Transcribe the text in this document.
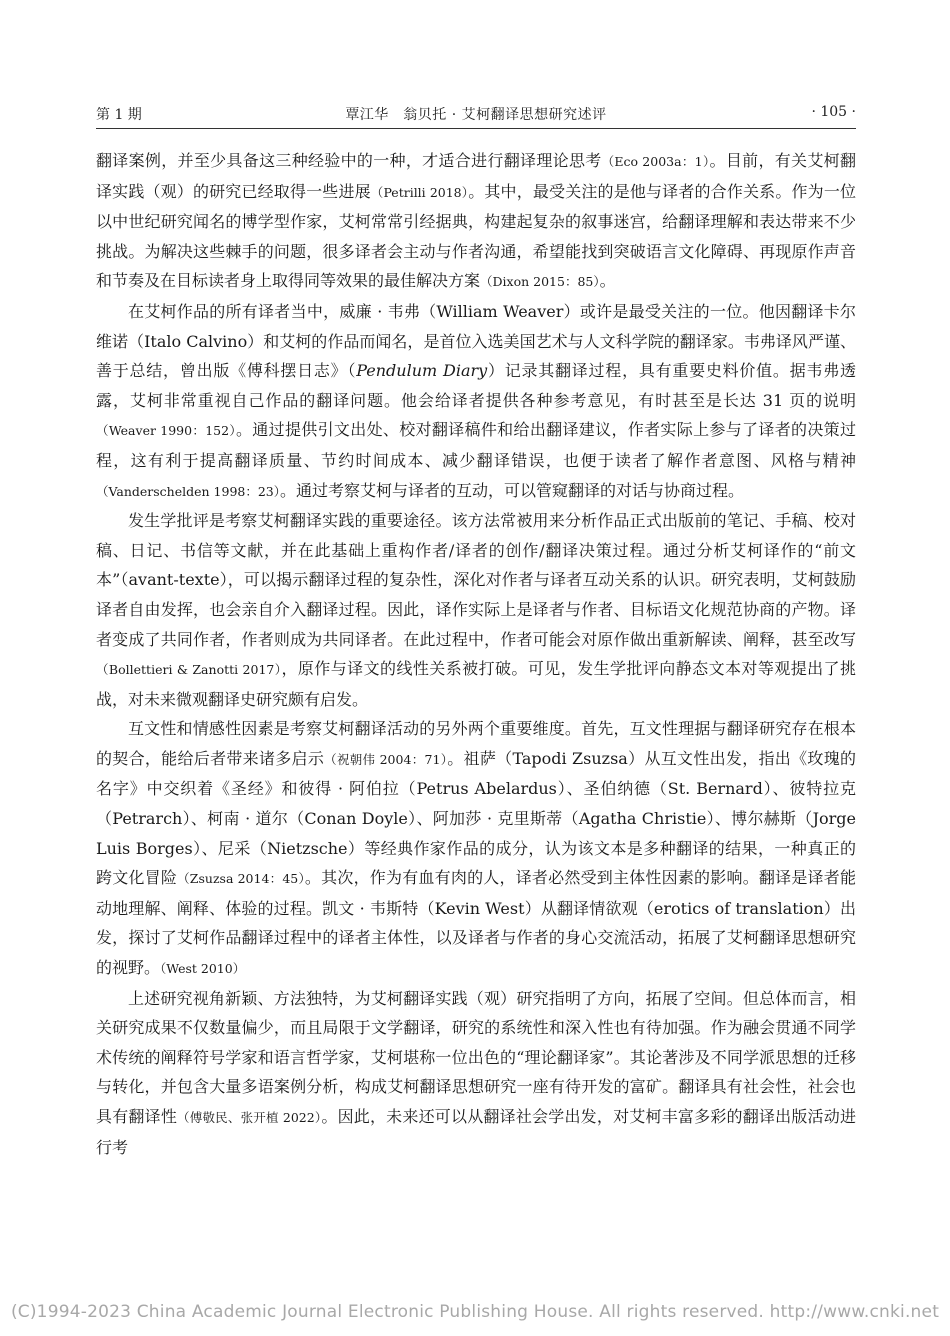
第 1 期	覃江华　翁贝托 · 艾柯翻译思想研究述评	· 105 ·

翻译案例，并至少具备这三种经验中的一种，才适合进行翻译理论思考（Eco 2003a：1）。目前，有关艾柯翻译实践（观）的研究已经取得一些进展（Petrilli 2018）。其中，最受关注的是他与译者的合作关系。作为一位以中世纪研究闻名的博学型作家，艾柯常常引经据典，构建起复杂的叙事迷宫，给翻译理解和表达带来不少挑战。为解决这些棘手的问题，很多译者会主动与作者沟通，希望能找到突破语言文化障碍、再现原作声音和节奏及在目标读者身上取得同等效果的最佳解决方案（Dixon 2015：85）。

在艾柯作品的所有译者当中，威廉 · 韦弗（William Weaver）或许是最受关注的一位。他因翻译卡尔维诺（Italo Calvino）和艾柯的作品而闻名，是首位入选美国艺术与人文科学院的翻译家。韦弗译风严谨、善于总结，曾出版《傅科摆日志》（Pendulum Diary）记录其翻译过程，具有重要史料价值。据韦弗透露，艾柯非常重视自己作品的翻译问题。他会给译者提供各种参考意见，有时甚至是长达 31 页的说明（Weaver 1990：152）。通过提供引文出处、校对翻译稿件和给出翻译建议，作者实际上参与了译者的决策过程，这有利于提高翻译质量、节约时间成本、减少翻译错误，也便于读者了解作者意图、风格与精神（Vanderschelden 1998：23）。通过考察艾柯与译者的互动，可以管窥翻译的对话与协商过程。

发生学批评是考察艾柯翻译实践的重要途径。该方法常被用来分析作品正式出版前的笔记、手稿、校对稿、日记、书信等文献，并在此基础上重构作者/译者的创作/翻译决策过程。通过分析艾柯译作的“前文本”（avant-texte），可以揭示翻译过程的复杂性，深化对作者与译者互动关系的认识。研究表明，艾柯鼓励译者自由发挥，也会亲自介入翻译过程。因此，译作实际上是译者与作者、目标语文化规范协商的产物。译者变成了共同作者，作者则成为共同译者。在此过程中，作者可能会对原作做出重新解读、阐释，甚至改写（Bollettieri & Zanotti 2017），原作与译文的线性关系被打破。可见，发生学批评向静态文本对等观提出了挑战，对未来微观翻译史研究颇有启发。

互文性和情感性因素是考察艾柯翻译活动的另外两个重要维度。首先，互文性理据与翻译研究存在根本的契合，能给后者带来诸多启示（祝朝伟 2004：71）。祖萨（Tapodi Zsuzsa）从互文性出发，指出《玫瑰的名字》中交织着《圣经》和彼得 · 阿伯拉（Petrus Abelardus）、圣伯纳德（St. Bernard）、彼特拉克（Petrarch）、柯南 · 道尔（Conan Doyle）、阿加莎 · 克里斯蒂（Agatha Christie）、博尔赫斯（Jorge Luis Borges）、尼采（Nietzsche）等经典作家作品的成分，认为该文本是多种翻译的结果，一种真正的跨文化冒险（Zsuzsa 2014：45）。其次，作为有血有肉的人，译者必然受到主体性因素的影响。翻译是译者能动地理解、阐释、体验的过程。凯文 · 韦斯特（Kevin West）从翻译情欲观（erotics of translation）出发，探讨了艾柯作品翻译过程中的译者主体性，以及译者与作者的身心交流活动，拓展了艾柯翻译思想研究的视野。（West 2010）

上述研究视角新颖、方法独特，为艾柯翻译实践（观）研究指明了方向，拓展了空间。但总体而言，相关研究成果不仅数量偏少，而且局限于文学翻译，研究的系统性和深入性也有待加强。作为融会贯通不同学术传统的阐释符号学家和语言哲学家，艾柯堪称一位出色的“理论翻译家”。其论著涉及不同学派思想的迁移与转化，并包含大量多语案例分析，构成艾柯翻译思想研究一座有待开发的富矿。翻译具有社会性，社会也具有翻译性（傅敬民、张开植 2022）。因此，未来还可以从翻译社会学出发，对艾柯丰富多彩的翻译出版活动进行考

(C)1994-2023 China Academic Journal Electronic Publishing House. All rights reserved. http://www.cnki.net
